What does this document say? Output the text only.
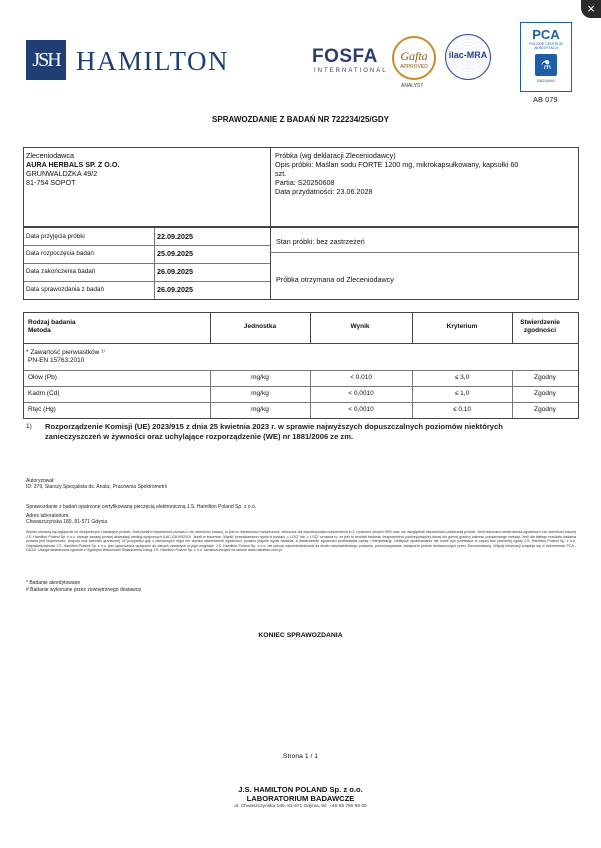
×
JSH HAMILTON	FOSFA
INTERNATIONAL
Gafta
APPROVED
ANALYST
ilac-MRA
PCA
POLSKIE CENTRUM AKREDYTACJI
⚗
BADANIA
AB 079
SPRAWOZDANIE Z BADAŃ NR 722234/25/GDY
Zleceniodawca
AURA HERBALS SP. Z O.O.
GRUNWALDZKA 49/2
81-754 SOPOT
Próbka (wg deklaracji Zleceniodawcy)
Opis próbki: Maślan sodu FORTE 1200 mg, mikrokapsułkowany, kapsułki 60
szt.
Partia: S20250608
Data przydatności: 23.06.2028
Data przyjęcia próbki	22.09.2025
Data rozpoczęcia badań	25.09.2025
Data zakończenia badań	26.09.2025
Data sprawozdania z badań	26.09.2025
Stan próbki: bez zastrzeżeń
Próbka otrzymana od Zleceniodawcy
Rodzaj badania
Metoda
Jednostka	Wynik	Kryterium
Stwierdzenie
zgodności
* Zawartość pierwiastków ¹⁾
PN-EN 15763:2010
Ołów (Pb)	mg/kg	< 0,010	≤ 3,0	Zgodny
Kadm (Cd)	mg/kg	< 0,0010	≤ 1,0	Zgodny
Rtęć (Hg)	mg/kg	< 0,0010	≤ 0,10	Zgodny
1) Rozporządzenie Komisji (UE) 2023/915 z dnia 25 kwietnia 2023 r. w sprawie najwyższych dopuszczalnych poziomów niektórych
zanieczyszczeń w żywności oraz uchylające rozporządzenie (WE) nr 1881/2006 ze zm.
Autoryzował:
ID: 379, Starszy Specjalista ds. Analiz, Pracownia Spektrometrii
Sprawozdanie z badań opatrzone certyfikowaną pieczęcią elektroniczną J.S. Hamilton Poland Sp. z o.o.
Adres laboratorium:
Chwaszczyńska 180, 81-571 Gdynia
Wyniki odnoszą się wyłącznie do otrzymanych i badanych próbek. Jeśli podano niepewność pomiaru i nie określono inaczej, to jest to niepewność rozszerzona, obliczona dla współczynnika rozszerzenia k=2 i poziomu ufności 95% oraz nie uwzględnia niepewności pobierania próbek. Jeśli dokonano stwierdzenia zgodności i nie określono inaczej J.S. Hamilton Poland Sp. z o.o. stosuje zasadę prostej akceptacji według wytycznych ILAC-G8:09/2019. Jeżeli w kolumnie „Wynik” przedstawiono wynik w postaci „< LOQ” lub „> LOQ” oznacza to, że jest to rezultat badania, bezpośrednio poniżej/powyżej dolnej lub górnej granicy zakresu pomiarowego metody. Jeśli dla takiego rezultatu badania podana jest niepewność, dotyczy ona wartości granicznej. W przypadku gdy z określonych reguł nie wynika stwierdzenie zgodności, podano jedynie wynik badania, a stwierdzenie zgodności przedstawia opinię i interpretację. Niniejsze sprawozdanie nie może być powielane w części bez pisemnej zgody J.S. Hamilton Poland Sp. z o.o. Odpowiedzialność J.S. Hamilton Poland Sp. z o.o. jest ograniczona wyłącznie do danych zawartych w jego oryginale. J.S. Hamilton Poland Sp. z o.o. nie ponosi odpowiedzialności za skutki nieprawidłowego pobrania, przechowywania, transportu próbek dostarczonych przez Zleceniodawcę. Więcej informacji znajduje się w dokumencie PCA - DA-02. Usługa świadczona zgodnie z Ogólnymi Warunkami Świadczenia Usług J.S. Hamilton Poland Sp. z o.o. zamieszczonymi na stronie www.hamilton.com.pl
* Badanie akredytowane
# Badanie wykonane przez zewnętrznego dostawcę
KONIEC SPRAWOZDANIA
Strona 1 / 1
J.S. HAMILTON POLAND Sp. z o.o.
LABORATORIUM BADAWCZE
ul. Chwaszczyńska 180, 81-571 Gdynia, tel. +48 58 766 99 00
